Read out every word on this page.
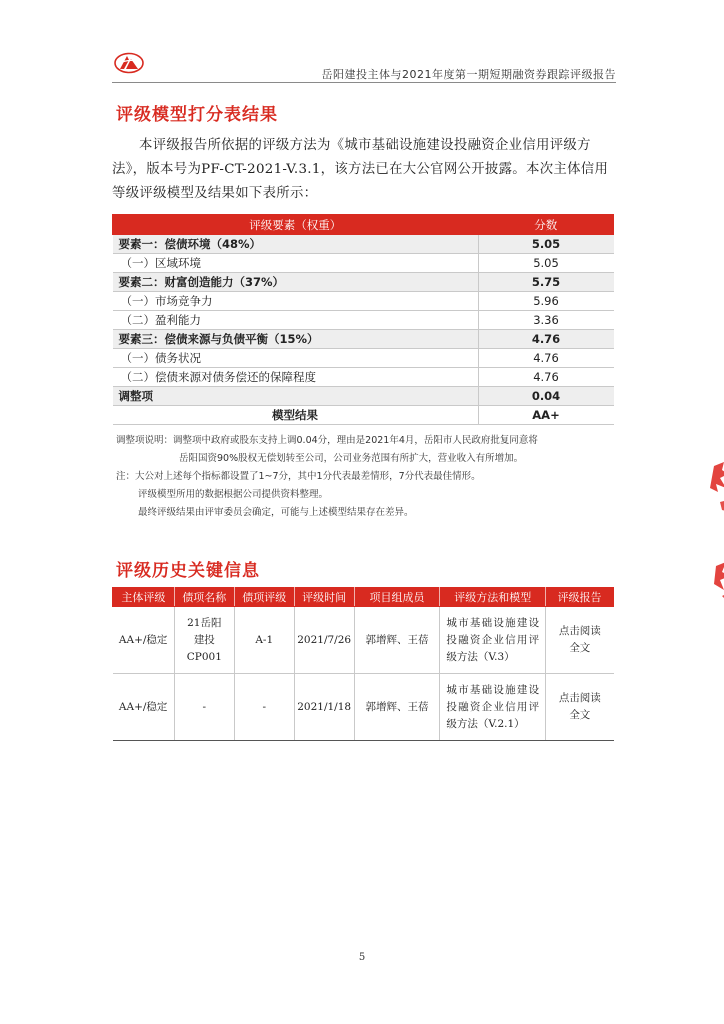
岳阳建投主体与2021年度第一期短期融资券跟踪评级报告
评级模型打分表结果
本评级报告所依据的评级方法为《城市基础设施建设投融资企业信用评级方法》，版本号为PF-CT-2021-V.3.1，该方法已在大公官网公开披露。本次主体信用等级评级模型及结果如下表所示：
评级要素（权重）	分数
要素一：偿债环境（48%）	5.05
（一）区域环境	5.05
要素二：财富创造能力（37%）	5.75
（一）市场竞争力	5.96
（二）盈利能力	3.36
要素三：偿债来源与负债平衡（15%）	4.76
（一）债务状况	4.76
（二）偿债来源对债务偿还的保障程度	4.76
调整项	0.04
模型结果	AA+

调整项说明：调整项中政府或股东支持上调0.04分，理由是2021年4月，岳阳市人民政府批复同意将

岳阳国资90%股权无偿划转至公司，公司业务范围有所扩大，营业收入有所增加。

注：大公对上述每个指标都设置了1~7分，其中1分代表最差情形，7分代表最佳情形。

评级模型所用的数据根据公司提供资料整理。

最终评级结果由评审委员会确定，可能与上述模型结果存在差异。

评级历史关键信息
主体评级	债项名称	债项评级	评级时间	项目组成员	评级方法和模型	评级报告
AA+/稳定	21岳阳建投CP001	A-1	2021/7/26	郭增辉、王蓓	城市基础设施建设投融资企业信用评级方法（V.3）	点击阅读全文
AA+/稳定	-	-	2021/1/18	郭增辉、王蓓	城市基础设施建设投融资企业信用评级方法（V.2.1）	点击阅读全文
5
